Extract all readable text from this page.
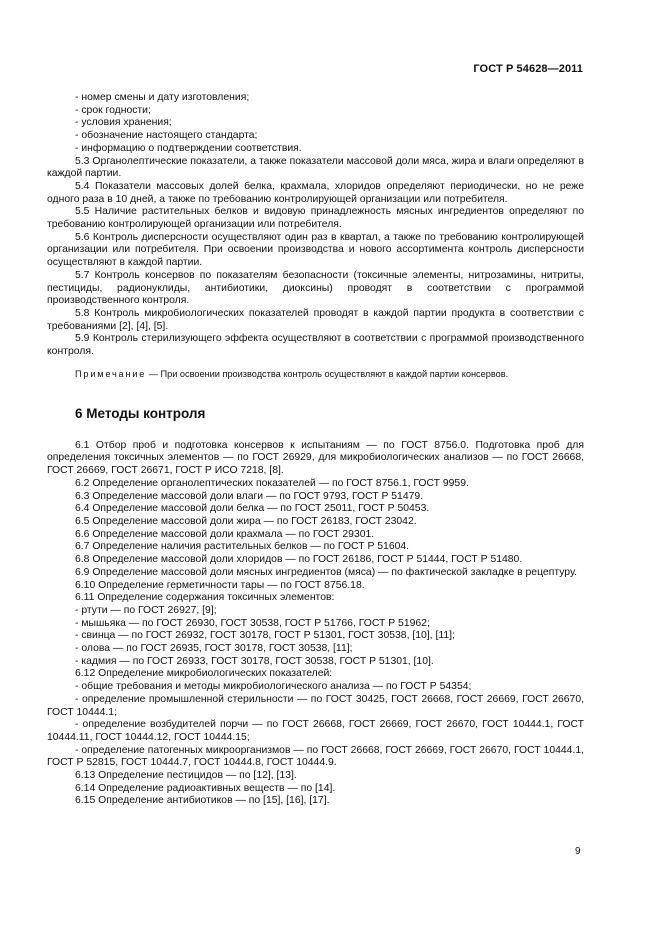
ГОСТ Р 54628—2011

- номер смены и дату изготовления;

- срок годности;

- условия хранения;

- обозначение настоящего стандарта;

- информацию о подтверждении соответствия.

5.3 Органолептические показатели, а также показатели массовой доли мяса, жира и влаги определяют в каждой партии.

5.4 Показатели массовых долей белка, крахмала, хлоридов определяют периодически, но не реже одного раза в 10 дней, а также по требованию контролирующей организации или потребителя.

5.5 Наличие растительных белков и видовую принадлежность мясных ингредиентов определяют по требованию контролирующей организации или потребителя.

5.6 Контроль дисперсности осуществляют один раз в квартал, а также по требованию контролирующей организации или потребителя. При освоении производства и нового ассортимента контроль дисперсности осуществляют в каждой партии.

5.7 Контроль консервов по показателям безопасности (токсичные элементы, нитрозамины, нитриты, пестициды, радионуклиды, антибиотики, диоксины) проводят в соответствии с программой производственного контроля.

5.8 Контроль микробиологических показателей проводят в каждой партии продукта в соответствии с требованиями [2], [4], [5].

5.9 Контроль стерилизующего эффекта осуществляют в соответствии с программой производственного контроля.

Примечание — При освоении производства контроль осуществляют в каждой партии консервов.

6 Методы контроля

6.1 Отбор проб и подготовка консервов к испытаниям — по ГОСТ 8756.0. Подготовка проб для определения токсичных элементов — по ГОСТ 26929, для микробиологических анализов — по ГОСТ 26668, ГОСТ 26669, ГОСТ 26671, ГОСТ Р ИСО 7218, [8].

6.2 Определение органолептических показателей — по ГОСТ 8756.1, ГОСТ 9959.

6.3 Определение массовой доли влаги — по ГОСТ 9793, ГОСТ Р 51479.

6.4 Определение массовой доли белка — по ГОСТ 25011, ГОСТ Р 50453.

6.5 Определение массовой доли жира — по ГОСТ 26183, ГОСТ 23042.

6.6 Определение массовой доли крахмала — по ГОСТ 29301.

6.7 Определение наличия растительных белков — по ГОСТ Р 51604.

6.8 Определение массовой доли хлоридов — по ГОСТ 26186, ГОСТ Р 51444, ГОСТ Р 51480.

6.9 Определение массовой доли мясных ингредиентов (мяса) — по фактической закладке в рецептуру.

6.10 Определение герметичности тары — по ГОСТ 8756.18.

6.11 Определение содержания токсичных элементов:

- ртути — по ГОСТ 26927, [9];

- мышьяка — по ГОСТ 26930, ГОСТ 30538, ГОСТ Р 51766, ГОСТ Р 51962;

- свинца — по ГОСТ 26932, ГОСТ 30178, ГОСТ Р 51301, ГОСТ 30538, [10], [11];

- олова — по ГОСТ 26935, ГОСТ 30178, ГОСТ 30538, [11];

- кадмия — по ГОСТ 26933, ГОСТ 30178, ГОСТ 30538, ГОСТ Р 51301, [10].

6.12 Определение микробиологических показателей:

- общие требования и методы микробиологического анализа — по ГОСТ Р 54354;

- определение промышленной стерильности — по ГОСТ 30425, ГОСТ 26668, ГОСТ 26669, ГОСТ 26670, ГОСТ 10444.1;

- определение возбудителей порчи — по ГОСТ 26668, ГОСТ 26669, ГОСТ 26670, ГОСТ 10444.1, ГОСТ 10444.11, ГОСТ 10444.12, ГОСТ 10444.15;

- определение патогенных микроорганизмов — по ГОСТ 26668, ГОСТ 26669, ГОСТ 26670, ГОСТ 10444.1, ГОСТ Р 52815, ГОСТ 10444.7, ГОСТ 10444.8, ГОСТ 10444.9.

6.13 Определение пестицидов — по [12], [13].

6.14 Определение радиоактивных веществ — по [14].

6.15 Определение антибиотиков — по [15], [16], [17].

9
